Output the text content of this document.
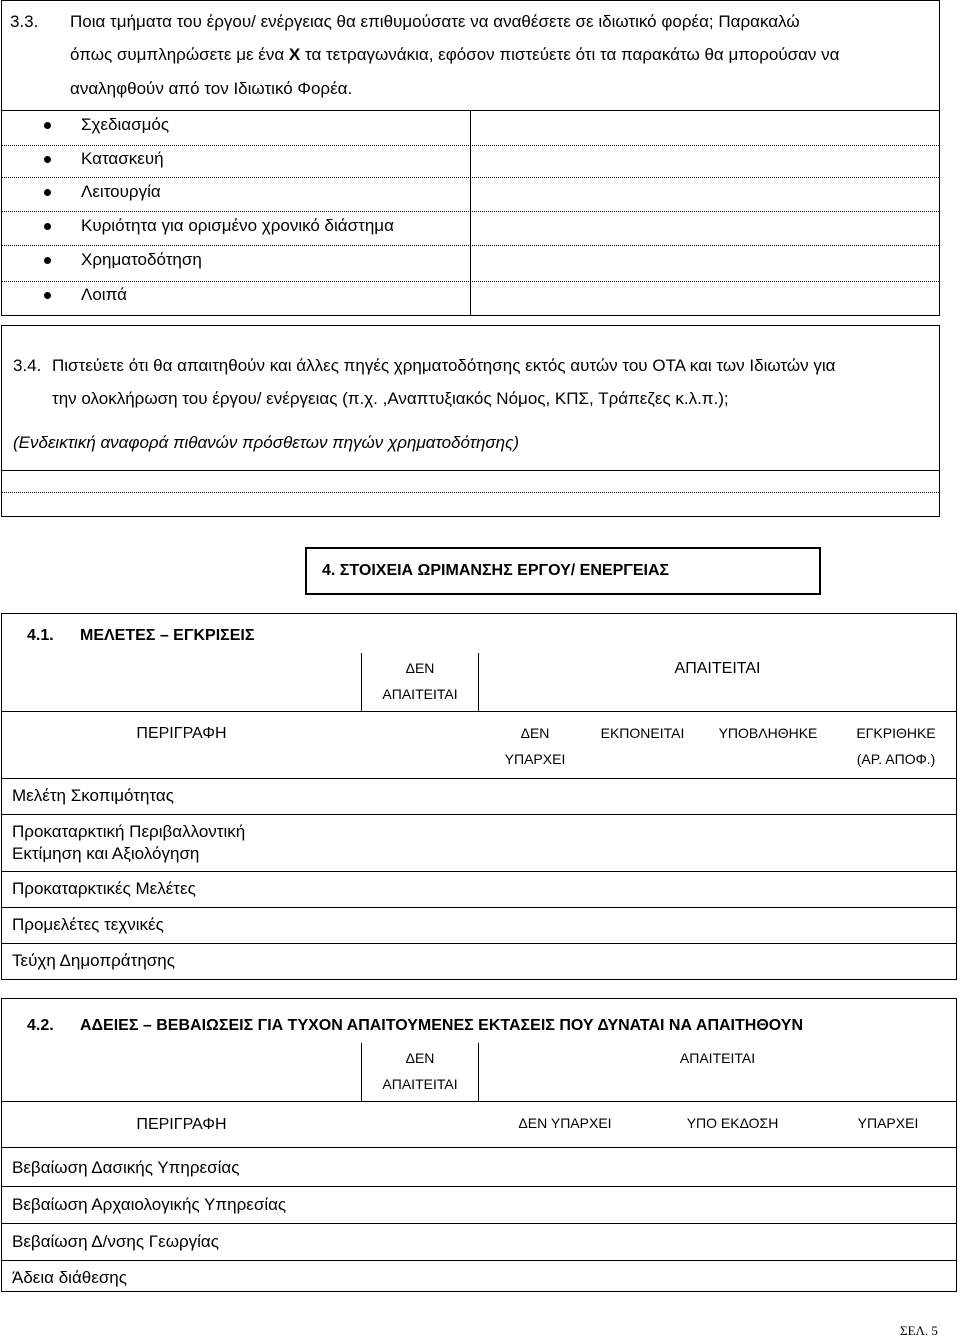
3.3. Ποια τμήματα του έργου/ ενέργειας θα επιθυμούσατε να αναθέσετε σε ιδιωτικό φορέα; Παρακαλώ
όπως συμπληρώσετε με ένα Χ τα τετραγωνάκια, εφόσον πιστεύετε ότι τα παρακάτω θα μπορούσαν να
αναληφθούν από τον Ιδιωτικό Φορέα.
Σχεδιασμός
Κατασκευή
Λειτουργία
Κυριότητα για ορισμένο χρονικό διάστημα
Χρηματοδότηση
Λοιπά
3.4. Πιστεύετε ότι θα απαιτηθούν και άλλες πηγές χρηματοδότησης εκτός αυτών του ΟΤΑ και των Ιδιωτών για
την ολοκλήρωση του έργου/ ενέργειας (π.χ. ,Αναπτυξιακός Νόμος, ΚΠΣ, Τράπεζες κ.λ.π.);
(Ενδεικτική αναφορά πιθανών πρόσθετων πηγών χρηματοδότησης)
4. ΣΤΟΙΧΕΙΑ ΩΡΙΜΑΝΣΗΣ ΕΡΓΟΥ/ ΕΝΕΡΓΕΙΑΣ
4.1. ΜΕΛΕΤΕΣ – ΕΓΚΡΙΣΕΙΣ
ΔΕΝ
ΑΠΑΙΤΕΙΤΑΙ
ΑΠΑΙΤΕΙΤΑΙ
ΠΕΡΙΓΡΑΦΗ	ΔΕΝ
ΥΠΑΡΧΕΙ
ΕΚΠΟΝΕΙΤΑΙ	ΥΠΟΒΛΗΘΗΚΕ	ΕΓΚΡΙΘΗΚΕ
(ΑΡ. ΑΠΟΦ.)
Μελέτη Σκοπιμότητας
Προκαταρκτική Περιβαλλοντική
Εκτίμηση και Αξιολόγηση
Προκαταρκτικές Μελέτες
Προμελέτες τεχνικές
Τεύχη Δημοπράτησης
4.2. ΑΔΕΙΕΣ – ΒΕΒΑΙΩΣΕΙΣ ΓΙΑ ΤΥΧΟΝ ΑΠΑΙΤΟΥΜΕΝΕΣ ΕΚΤΑΣΕΙΣ ΠΟΥ ΔΥΝΑΤΑΙ ΝΑ ΑΠΑΙΤΗΘΟΥΝ
ΔΕΝ
ΑΠΑΙΤΕΙΤΑΙ
ΑΠΑΙΤΕΙΤΑΙ
ΠΕΡΙΓΡΑΦΗ	ΔΕΝ ΥΠΑΡΧΕΙ	ΥΠΟ ΕΚΔΟΣΗ	ΥΠΑΡΧΕΙ
Βεβαίωση Δασικής Υπηρεσίας
Βεβαίωση Αρχαιολογικής Υπηρεσίας
Βεβαίωση Δ/νσης Γεωργίας
Άδεια διάθεσης
ΣΕΛ. 5
